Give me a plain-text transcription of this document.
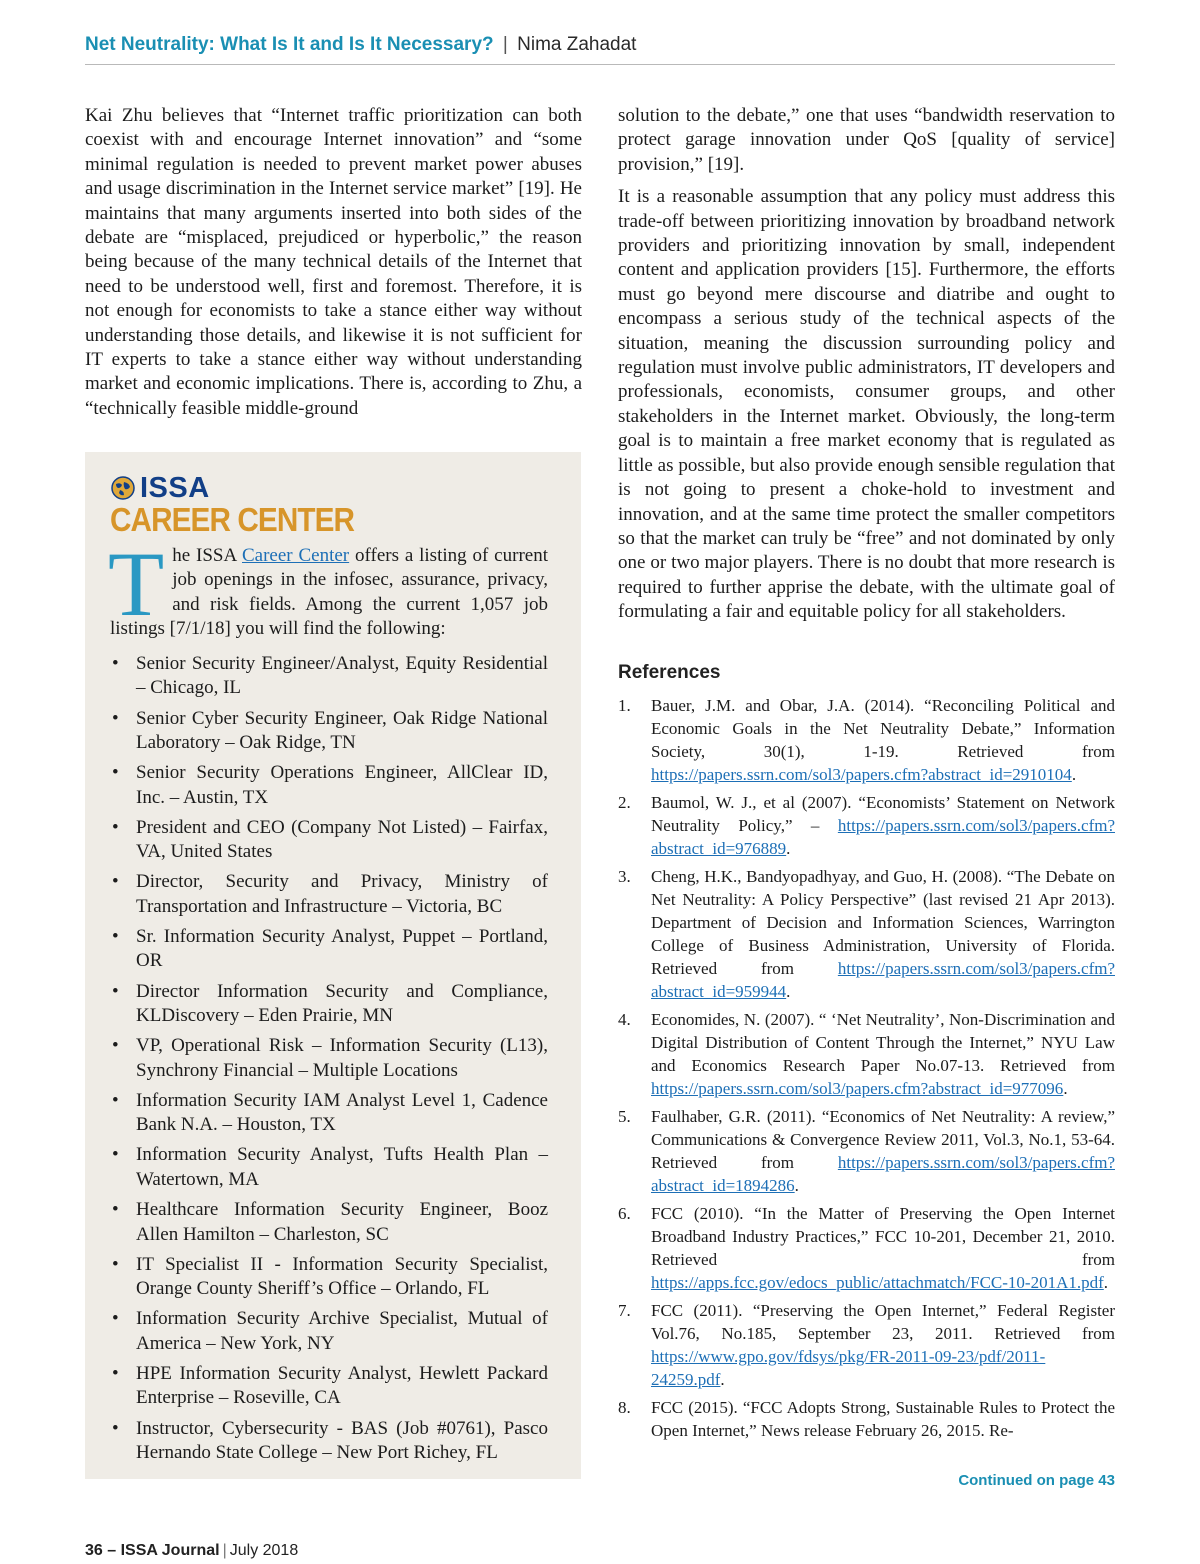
Net Neutrality: What Is It and Is It Necessary? | Nima Zahadat

Kai Zhu believes that “Internet traffic prioritization can both coexist with and encourage Internet innovation” and “some minimal regulation is needed to prevent market power abuses and usage discrimination in the Internet service market” [19]. He maintains that many arguments inserted into both sides of the debate are “misplaced, prejudiced or hyperbolic,” the reason being because of the many technical details of the Internet that need to be understood well, first and foremost. Therefore, it is not enough for economists to take a stance either way without understanding those details, and likewise it is not sufficient for IT experts to take a stance either way without understanding market and economic implications. There is, according to Zhu, a “technically feasible middle-ground

ISSA
CAREER CENTER
The ISSA Career Center offers a listing of current job openings in the infosec, assurance, privacy, and risk fields. Among the current 1,057 job listings [7/1/18] you will find the following:
• Senior Security Engineer/Analyst, Equity Residential – Chicago, IL
• Senior Cyber Security Engineer, Oak Ridge National Laboratory – Oak Ridge, TN
• Senior Security Operations Engineer, AllClear ID, Inc. – Austin, TX
• President and CEO (Company Not Listed) – Fairfax, VA, United States
• Director, Security and Privacy, Ministry of Transportation and Infrastructure – Victoria, BC
• Sr. Information Security Analyst, Puppet – Portland, OR
• Director Information Security and Compliance, KLDiscovery – Eden Prairie, MN
• VP, Operational Risk – Information Security (L13), Synchrony Financial – Multiple Locations
• Information Security IAM Analyst Level 1, Cadence Bank N.A. – Houston, TX
• Information Security Analyst, Tufts Health Plan – Watertown, MA
• Healthcare Information Security Engineer, Booz Allen Hamilton – Charleston, SC
• IT Specialist II - Information Security Specialist, Orange County Sheriff’s Office – Orlando, FL
• Information Security Archive Specialist, Mutual of America – New York, NY
• HPE Information Security Analyst, Hewlett Packard Enterprise – Roseville, CA
• Instructor, Cybersecurity - BAS (Job #0761), Pasco Hernando State College – New Port Richey, FL

solution to the debate,” one that uses “bandwidth reservation to protect garage innovation under QoS [quality of service] provision,” [19].

It is a reasonable assumption that any policy must address this trade-off between prioritizing innovation by broadband network providers and prioritizing innovation by small, independent content and application providers [15]. Furthermore, the efforts must go beyond mere discourse and diatribe and ought to encompass a serious study of the technical aspects of the situation, meaning the discussion surrounding policy and regulation must involve public administrators, IT developers and professionals, economists, consumer groups, and other stakeholders in the Internet market. Obviously, the long-term goal is to maintain a free market economy that is regulated as little as possible, but also provide enough sensible regulation that is not going to present a choke-hold to investment and innovation, and at the same time protect the smaller competitors so that the market can truly be “free” and not dominated by only one or two major players. There is no doubt that more research is required to further apprise the debate, with the ultimate goal of formulating a fair and equitable policy for all stakeholders.

References
1. Bauer, J.M. and Obar, J.A. (2014). “Reconciling Political and Economic Goals in the Net Neutrality Debate,” Information Society, 30(1), 1-19. Retrieved from https://papers.ssrn.com/sol3/papers.cfm?abstract_id=2910104.
2. Baumol, W. J., et al (2007). “Economists’ Statement on Network Neutrality Policy,” – https://papers.ssrn.com/sol3/papers.cfm?abstract_id=976889.
3. Cheng, H.K., Bandyopadhyay, and Guo, H. (2008). “The Debate on Net Neutrality: A Policy Perspective” (last revised 21 Apr 2013). Department of Decision and Information Sciences, Warrington College of Business Administration, University of Florida. Retrieved from https://papers.ssrn.com/sol3/papers.cfm?abstract_id=959944.
4. Economides, N. (2007). “ ‘Net Neutrality’, Non-Discrimination and Digital Distribution of Content Through the Internet,” NYU Law and Economics Research Paper No.07-13. Retrieved from https://papers.ssrn.com/sol3/papers.cfm?abstract_id=977096.
5. Faulhaber, G.R. (2011). “Economics of Net Neutrality: A review,” Communications & Convergence Review 2011, Vol.3, No.1, 53-64. Retrieved from https://papers.ssrn.com/sol3/papers.cfm?abstract_id=1894286.
6. FCC (2010). “In the Matter of Preserving the Open Internet Broadband Industry Practices,” FCC 10-201, December 21, 2010. Retrieved from https://apps.fcc.gov/edocs_public/attachmatch/FCC-10-201A1.pdf.
7. FCC (2011). “Preserving the Open Internet,” Federal Register Vol.76, No.185, September 23, 2011. Retrieved from https://www.gpo.gov/fdsys/pkg/FR-2011-09-23/pdf/2011-24259.pdf.
8. FCC (2015). “FCC Adopts Strong, Sustainable Rules to Protect the Open Internet,” News release February 26, 2015. Re-
Continued on page 43
36 – ISSA Journal | July 2018
